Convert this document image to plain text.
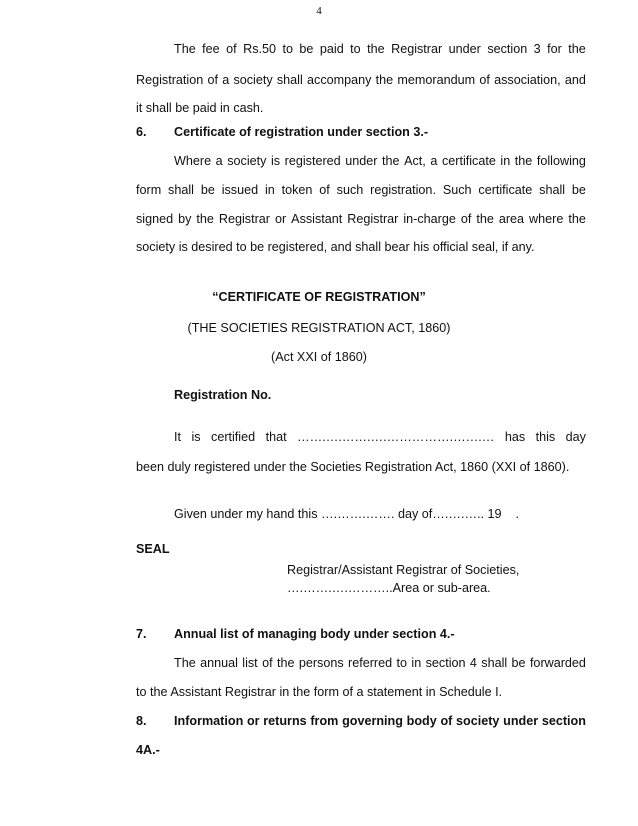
4
The fee of Rs.50 to be paid to the Registrar under section 3 for the
Registration of a society shall accompany the memorandum of association, and
it shall be paid in cash.
6. Certificate of registration under section 3.-
Where a society is registered under the Act, a certificate in the following
form shall be issued in token of such registration. Such certificate shall be
signed by the Registrar or Assistant Registrar in-charge of the area where the
society is desired to be registered, and shall bear his official seal, if any.
“CERTIFICATE OF REGISTRATION”
(THE SOCIETIES REGISTRATION ACT, 1860)
(Act XXI of 1860)
Registration No.
It is certified that …….….…….….…………….…….… has this day
been duly registered under the Societies Registration Act, 1860 (XXI of 1860).
Given under my hand this ….…….……. day of….….….. 19    .
SEAL
Registrar/Assistant Registrar of Societies,
….…….….………..Area or sub-area.
7. Annual list of managing body under section 4.-
The annual list of the persons referred to in section 4 shall be forwarded
to the Assistant Registrar in the form of a statement in Schedule I.
8. Information or returns from governing body of society under section
4A.-
